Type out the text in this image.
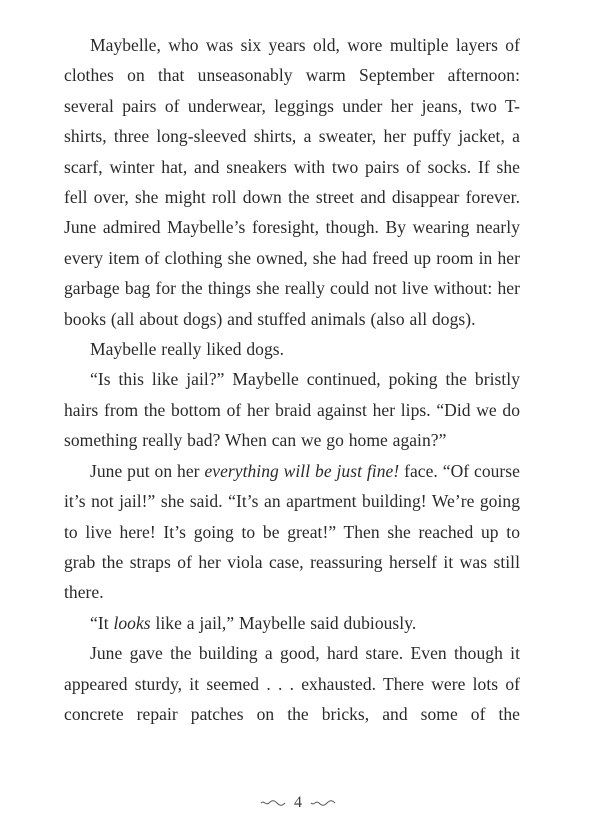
Maybelle, who was six years old, wore multiple layers of clothes on that unseasonably warm September afternoon: several pairs of underwear, leggings under her jeans, two T-shirts, three long-sleeved shirts, a sweater, her puffy jacket, a scarf, winter hat, and sneakers with two pairs of socks. If she fell over, she might roll down the street and disappear forever. June admired Maybelle’s foresight, though. By wearing nearly every item of clothing she owned, she had freed up room in her garbage bag for the things she really could not live without: her books (all about dogs) and stuffed animals (also all dogs).

Maybelle really liked dogs.

“Is this like jail?” Maybelle continued, poking the bristly hairs from the bottom of her braid against her lips. “Did we do something really bad? When can we go home again?”

June put on her everything will be just fine! face. “Of course it’s not jail!” she said. “It’s an apartment building! We’re going to live here! It’s going to be great!” Then she reached up to grab the straps of her viola case, reassuring herself it was still there.

“It looks like a jail,” Maybelle said dubiously.

June gave the building a good, hard stare. Even though it appeared sturdy, it seemed . . . exhausted. There were lots of concrete repair patches on the bricks, and some of the

4
